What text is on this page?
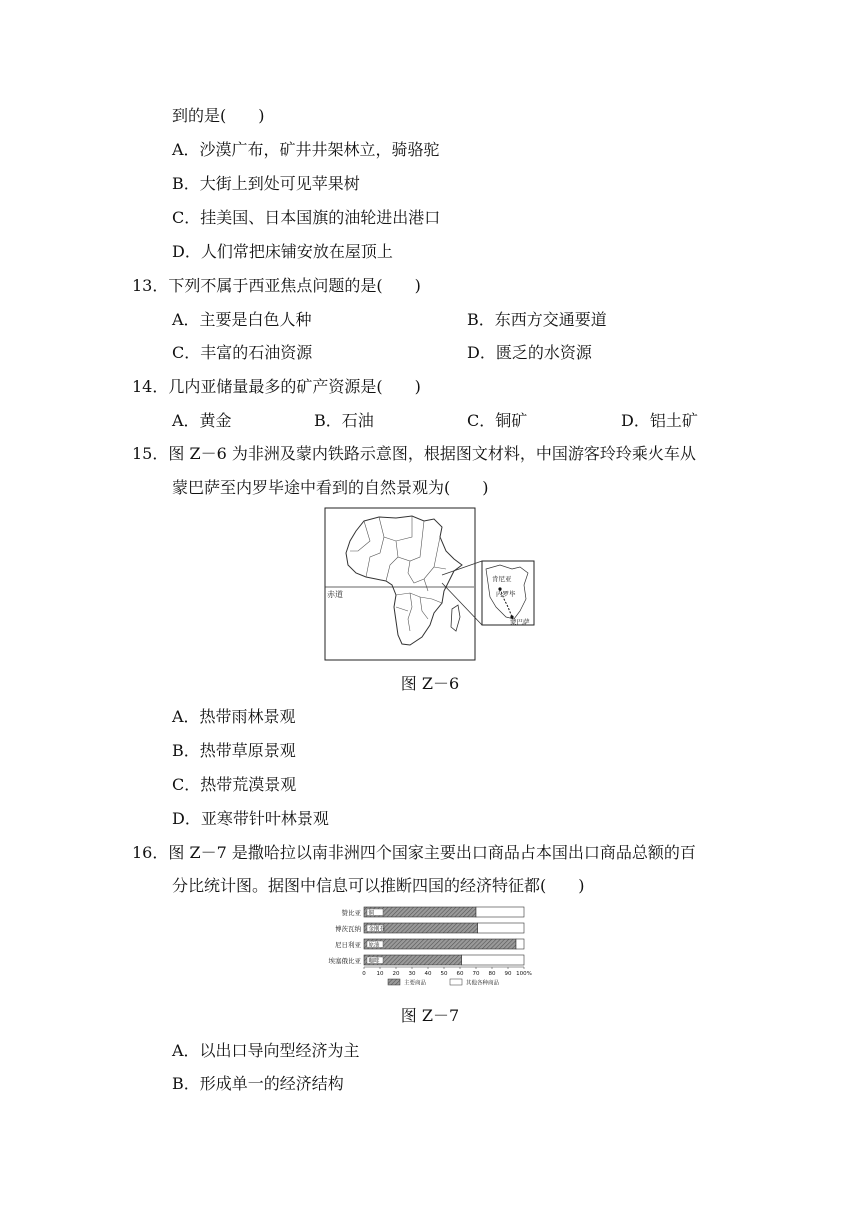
到的是(　　)
A．沙漠广布，矿井井架林立，骑骆驼
B．大街上到处可见苹果树
C．挂美国、日本国旗的油轮进出港口
D．人们常把床铺安放在屋顶上
13．下列不属于西亚焦点问题的是(　　)
A．主要是白色人种	B．东西方交通要道
C．丰富的石油资源	D．匮乏的水资源
14．几内亚储量最多的矿产资源是(　　)
A．黄金	B．石油	C．铜矿	D．铝土矿
15．图 Z－6 为非洲及蒙内铁路示意图，根据图文材料，中国游客玲玲乘火车从
蒙巴萨至内罗毕途中看到的自然景观为(　　)
赤道
肯尼亚
内罗毕
蒙巴萨
图 Z－6
A．热带雨林景观
B．热带草原景观
C．热带荒漠景观
D．亚寒带针叶林景观
16．图 Z－7 是撒哈拉以南非洲四个国家主要出口商品占本国出口商品总额的百
分比统计图。据图中信息可以推断四国的经济特征都(　　)
赞比亚 铜
博茨瓦纳 金刚石
尼日利亚 原油
埃塞俄比亚 咖啡
0 10 20 30 40 50 60 70 80 90 100%
主要商品	其他各种商品
图 Z－7
A．以出口导向型经济为主
B．形成单一的经济结构
